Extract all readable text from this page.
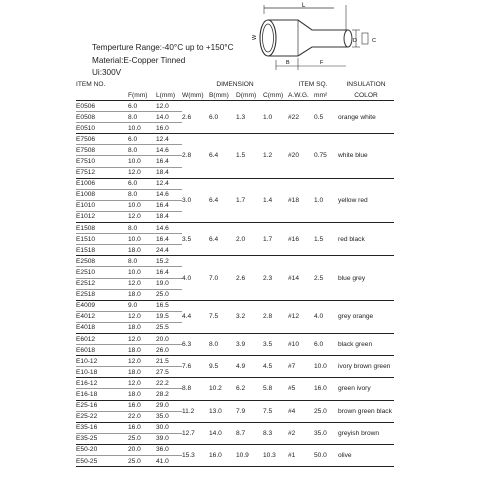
L
W
D	C
B	F
Temperture Range:-40°C up to +150°C
Material:E-Copper Tinned
Ui:300V
ITEM NO.			DIMENSION				ITEM SQ.		INSULATION
	F(mm)	L(mm)	W(mm)	B(mm)	D(mm)	C(mm)	A.W.G.	mm²	COLOR
E0506	6.0	12.0	2.6	6.0	1.3	1.0	#22	0.5	orange white
E0508	8.0	14.0							
E0510	10.0	16.0							
E7506	6.0	12.4	2.8	6.4	1.5	1.2	#20	0.75	white blue
E7508	8.0	14.6							
E7510	10.0	16.4							
E7512	12.0	18.4							
E1006	6.0	12.4	3.0	6.4	1.7	1.4	#18	1.0	yellow red
E1008	8.0	14.6							
E1010	10.0	16.4							
E1012	12.0	18.4							
E1508	8.0	14.6	3.5	6.4	2.0	1.7	#16	1.5	red black
E1510	10.0	16.4							
E1518	18.0	24.4							
E2508	8.0	15.2	4.0	7.0	2.6	2.3	#14	2.5	blue grey
E2510	10.0	16.4							
E2512	12.0	19.0							
E2518	18.0	25.0							
E4009	9.0	16.5	4.4	7.5	3.2	2.8	#12	4.0	grey orange
E4012	12.0	19.5							
E4018	18.0	25.5							
E6012	12.0	20.0	6.3	8.0	3.9	3.5	#10	6.0	black green
E6018	18.0	26.0							
E10-12	12.0	21.5	7.6	9.5	4.9	4.5	#7	10.0	ivory brown green
E10-18	18.0	27.5							
E16-12	12.0	22.2	8.8	10.2	6.2	5.8	#5	16.0	green ivory
E16-18	18.0	28.2							
E25-16	16.0	29.0	11.2	13.0	7.9	7.5	#4	25.0	brown green black
E25-22	22.0	35.0							
E35-16	16.0	30.0	12.7	14.0	8.7	8.3	#2	35.0	greyish brown
E35-25	25.0	39.0							
E50-20	20.0	36.0	15.3	16.0	10.9	10.3	#1	50.0	olive
E50-25	25.0	41.0							
